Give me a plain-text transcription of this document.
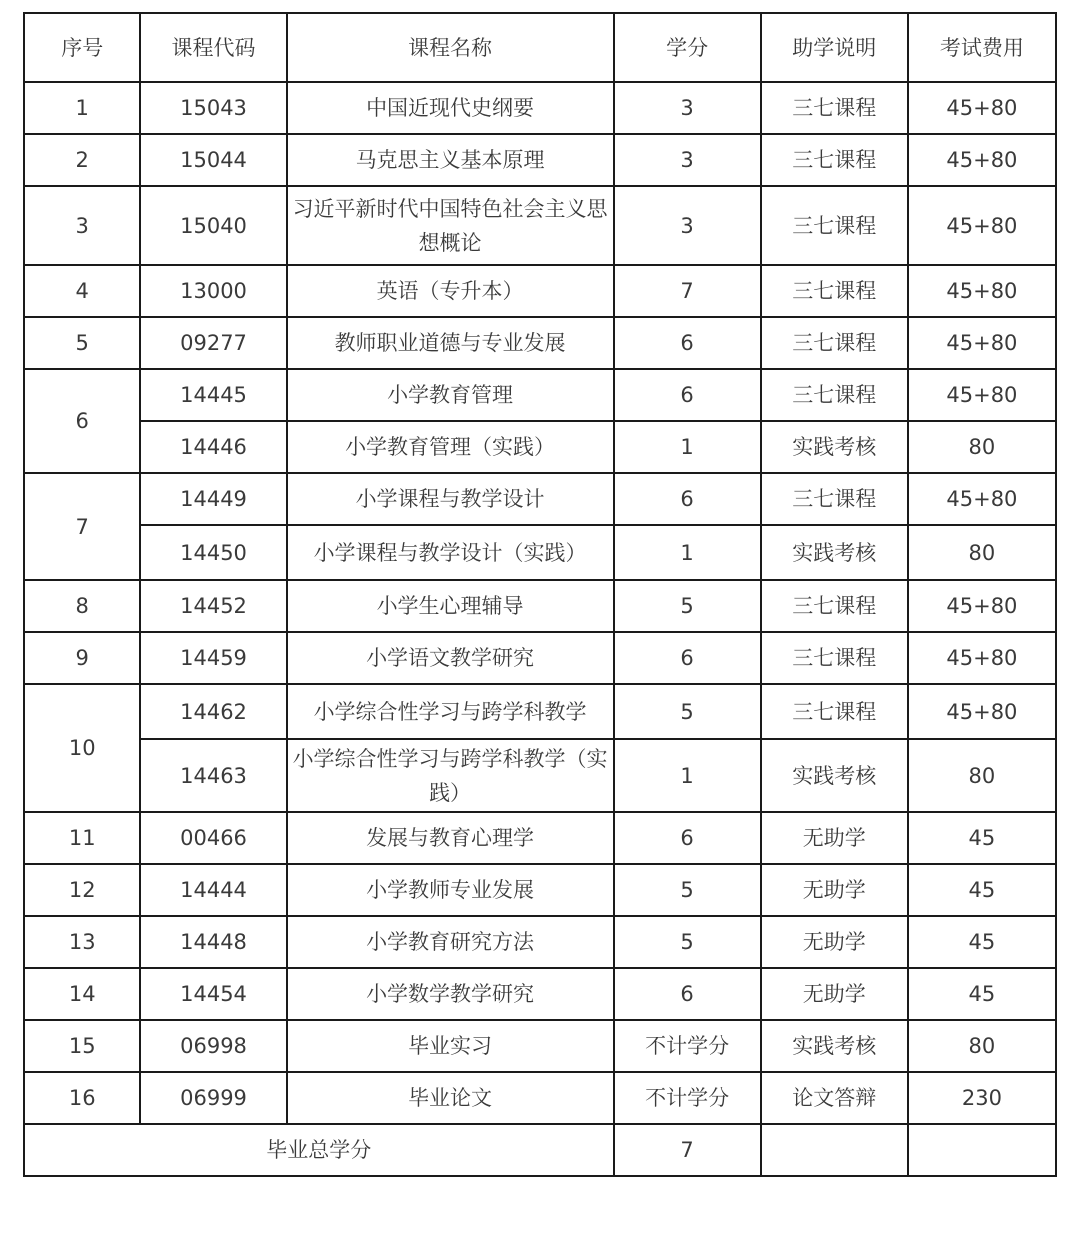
序号	课程代码	课程名称	学分	助学说明	考试费用
1	15043	中国近现代史纲要	3	三七课程	45+80
2	15044	马克思主义基本原理	3	三七课程	45+80
3	15040	习近平新时代中国特色社会主义思想概论	3	三七课程	45+80
4	13000	英语（专升本）	7	三七课程	45+80
5	09277	教师职业道德与专业发展	6	三七课程	45+80
6	14445	小学教育管理	6	三七课程	45+80
	14446	小学教育管理（实践）	1	实践考核	80
7	14449	小学课程与教学设计	6	三七课程	45+80
	14450	小学课程与教学设计（实践）	1	实践考核	80
8	14452	小学生心理辅导	5	三七课程	45+80
9	14459	小学语文教学研究	6	三七课程	45+80
10	14462	小学综合性学习与跨学科教学	5	三七课程	45+80
	14463	小学综合性学习与跨学科教学（实践）	1	实践考核	80
11	00466	发展与教育心理学	6	无助学	45
12	14444	小学教师专业发展	5	无助学	45
13	14448	小学教育研究方法	5	无助学	45
14	14454	小学数学教学研究	6	无助学	45
15	06998	毕业实习	不计学分	实践考核	80
16	06999	毕业论文	不计学分	论文答辩	230
毕业总学分			7		
